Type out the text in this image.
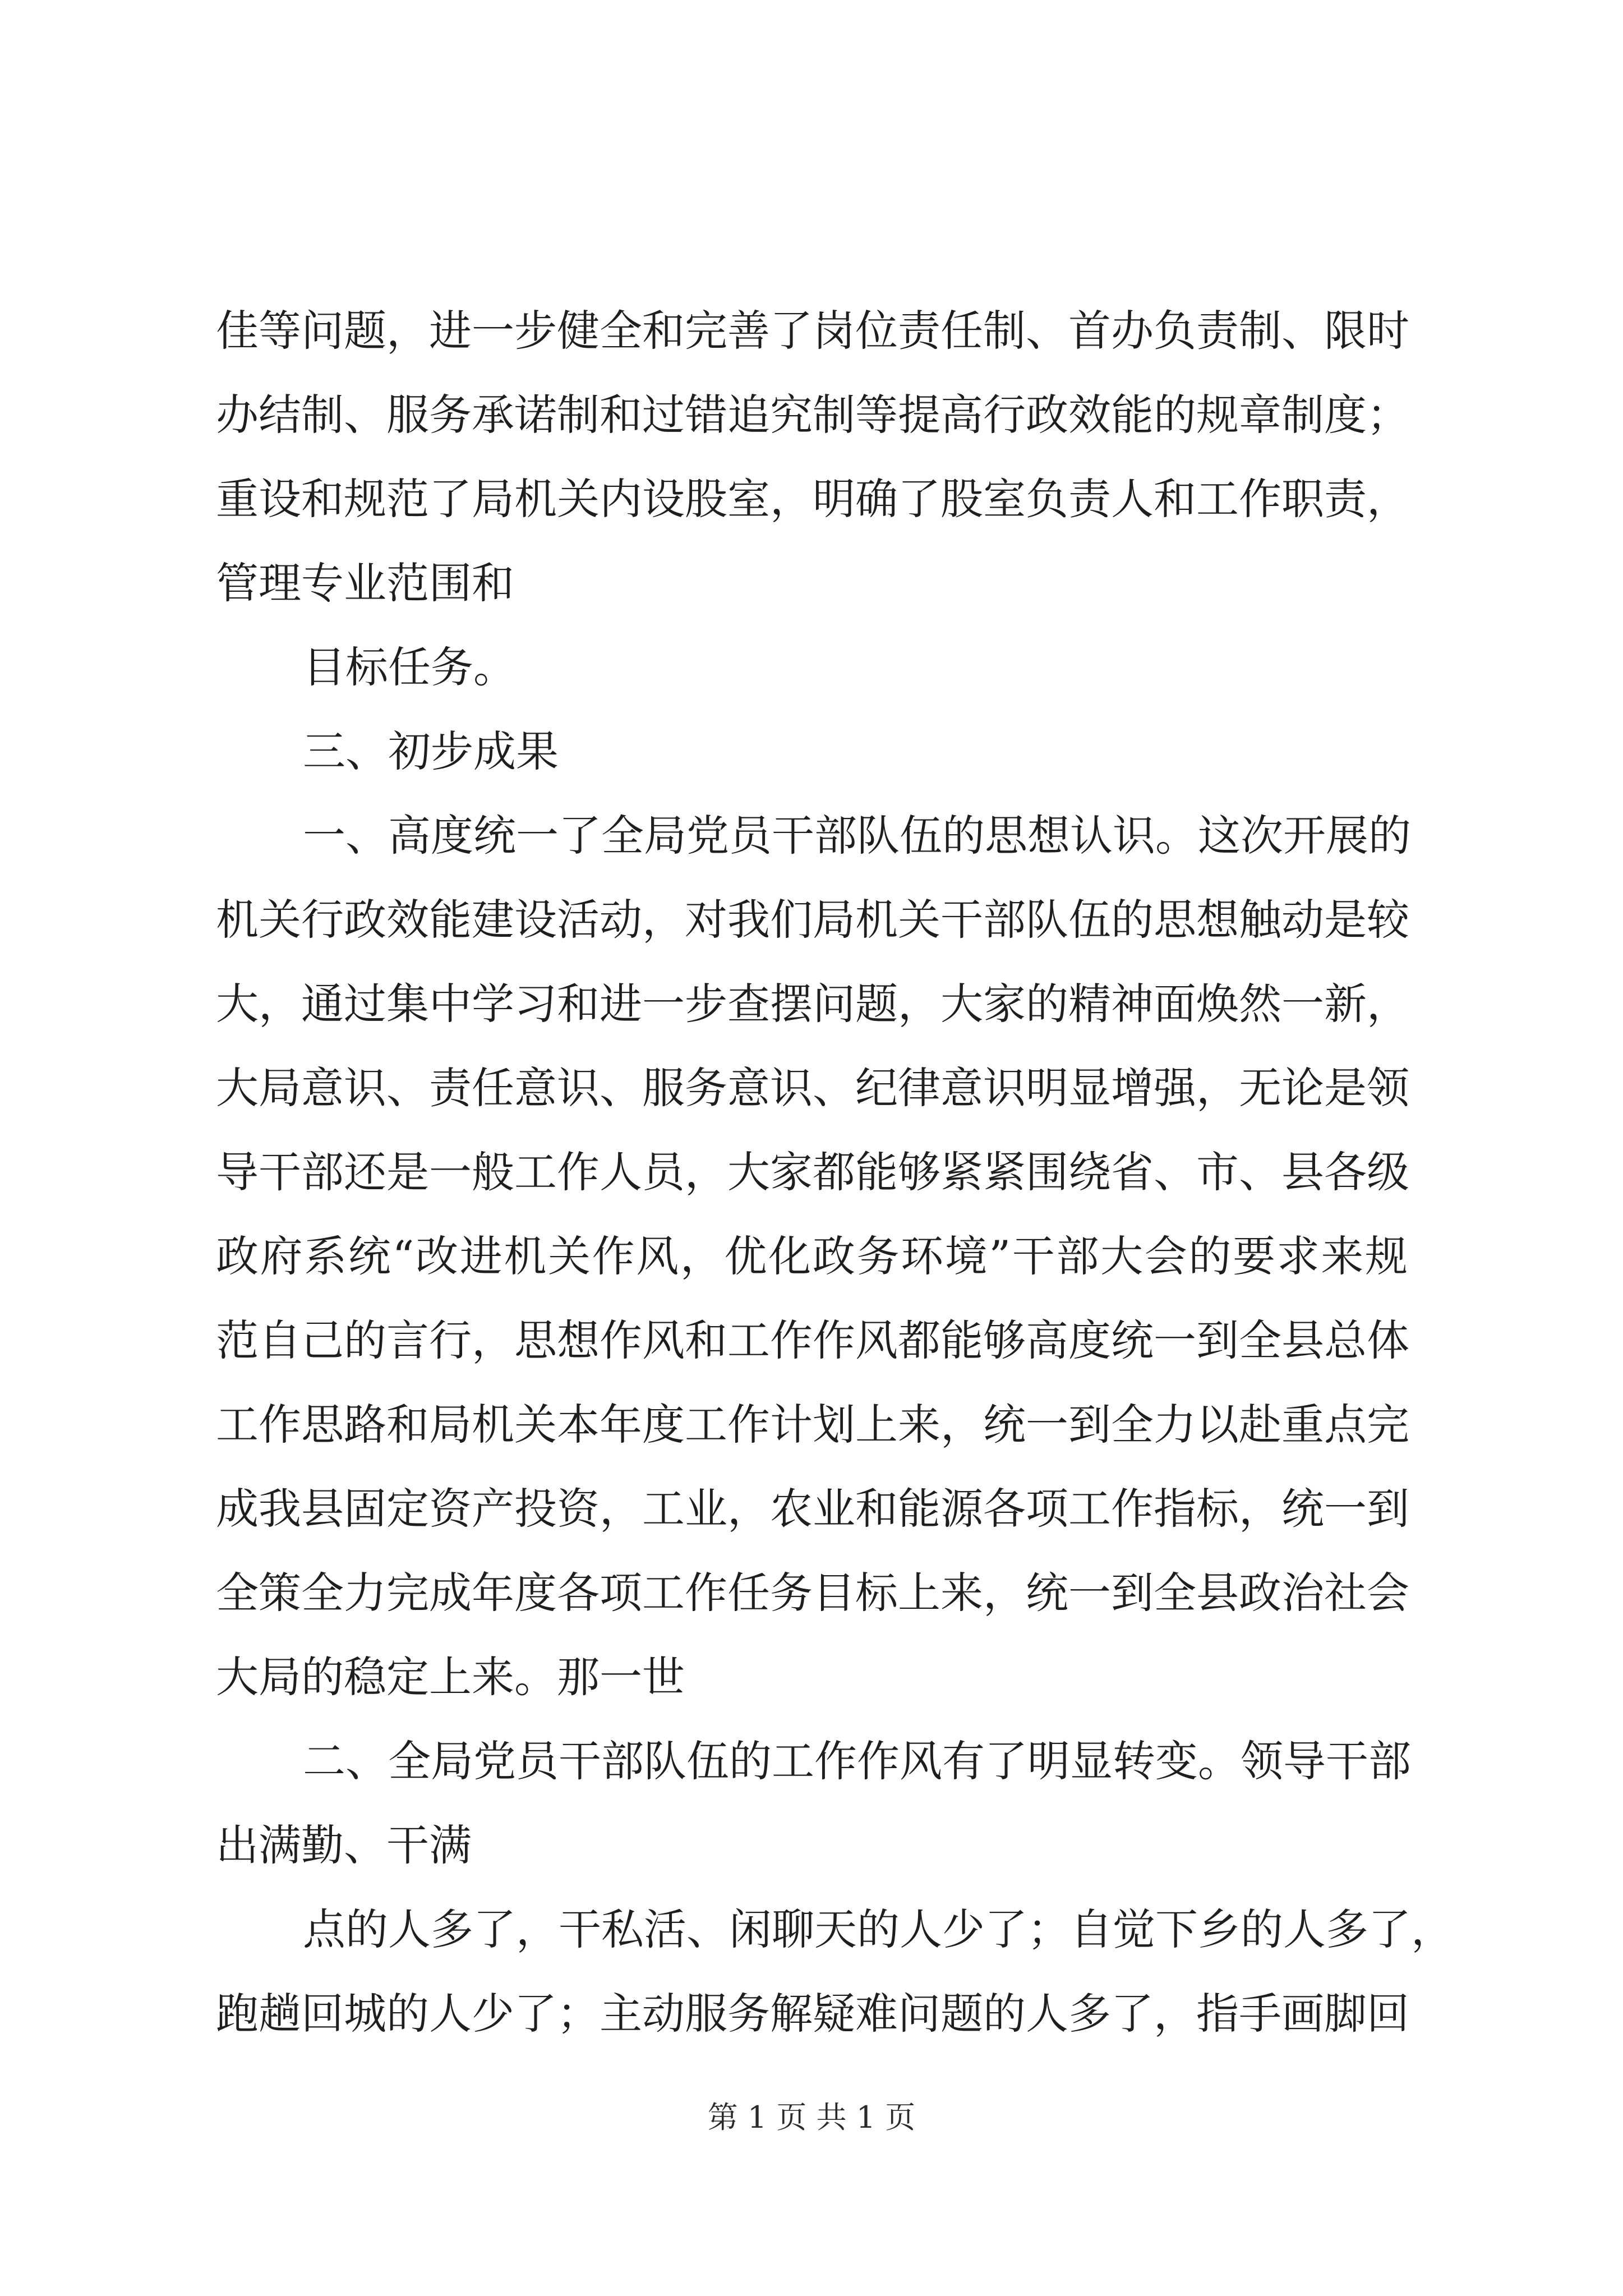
佳等问题，进一步健全和完善了岗位责任制、首办负责制、限时
办结制、服务承诺制和过错追究制等提高行政效能的规章制度；
重设和规范了局机关内设股室，明确了股室负责人和工作职责，
管理专业范围和
目标任务。
三、初步成果
一、高度统一了全局党员干部队伍的思想认识。这次开展的
机关行政效能建设活动，对我们局机关干部队伍的思想触动是较
大，通过集中学习和进一步查摆问题，大家的精神面焕然一新，
大局意识、责任意识、服务意识、纪律意识明显增强，无论是领
导干部还是一般工作人员，大家都能够紧紧围绕省、市、县各级
政府系统“改进机关作风，优化政务环境”干部大会的要求来规
范自己的言行，思想作风和工作作风都能够高度统一到全县总体
工作思路和局机关本年度工作计划上来，统一到全力以赴重点完
成我县固定资产投资，工业，农业和能源各项工作指标，统一到
全策全力完成年度各项工作任务目标上来，统一到全县政治社会
大局的稳定上来。那一世
二、全局党员干部队伍的工作作风有了明显转变。领导干部
出满勤、干满
点的人多了，干私活、闲聊天的人少了；自觉下乡的人多了，
跑趟回城的人少了；主动服务解疑难问题的人多了，指手画脚回
第 1 页 共 1 页
